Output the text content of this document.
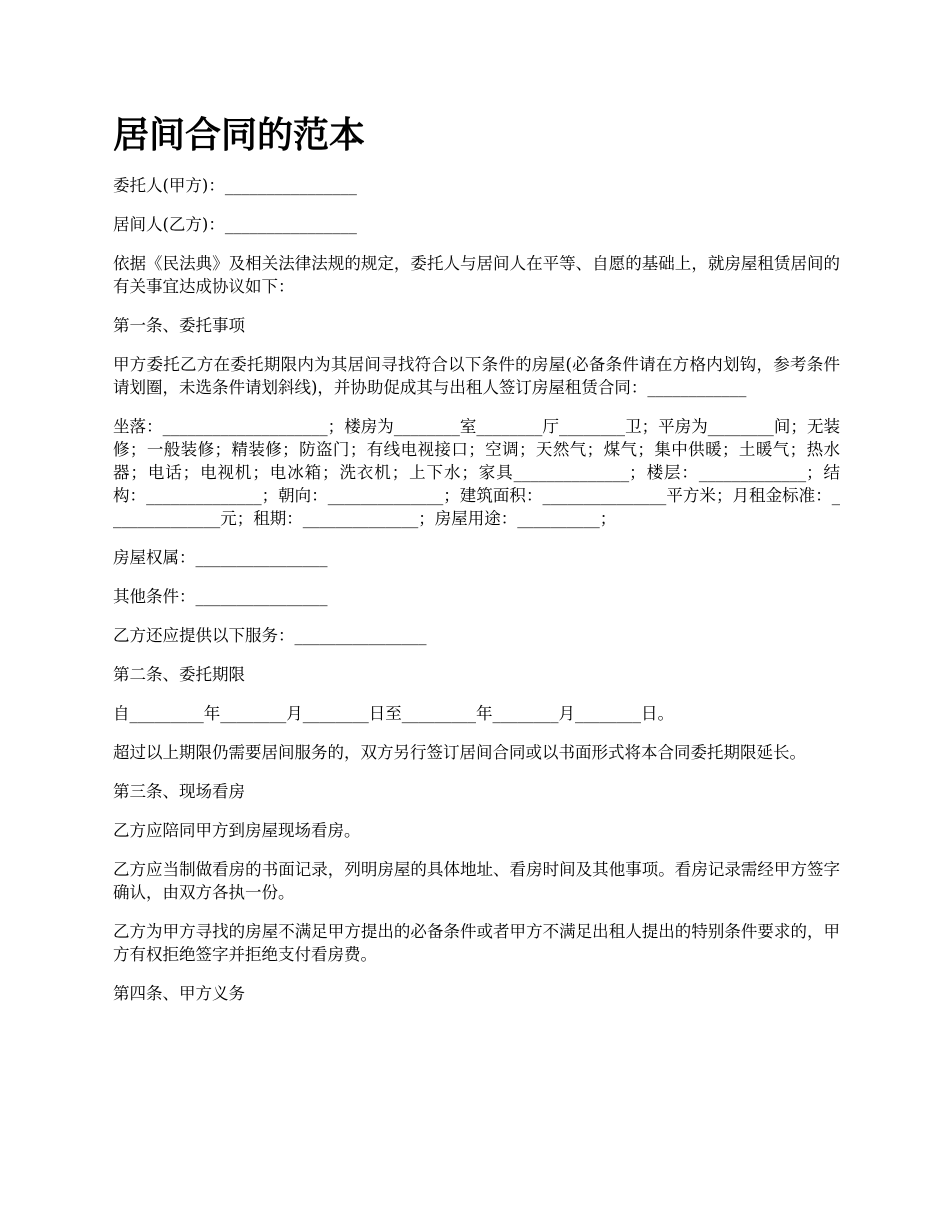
居间合同的范本

委托人(甲方)：________________

居间人(乙方)：________________

依据《民法典》及相关法律法规的规定，委托人与居间人在平等、自愿的基础上，就房屋租赁居间的有关事宜达成协议如下：

第一条、委托事项

甲方委托乙方在委托期限内为其居间寻找符合以下条件的房屋(必备条件请在方格内划钩，参考条件请划圈，未选条件请划斜线)，并协助促成其与出租人签订房屋租赁合同：____________

坐落：____________________；楼房为________室________厅________卫；平房为________间；无装修；一般装修；精装修；防盗门；有线电视接口；空调；天然气；煤气；集中供暖；土暖气；热水器；电话；电视机；电冰箱；洗衣机；上下水；家具______________；楼层：_____________；结构：______________；朝向：______________；建筑面积：_______________平方米；月租金标准：______________元；租期：______________；房屋用途：__________；

房屋权属：________________

其他条件：________________

乙方还应提供以下服务：________________

第二条、委托期限

自_________年________月________日至_________年________月________日。

超过以上期限仍需要居间服务的，双方另行签订居间合同或以书面形式将本合同委托期限延长。

第三条、现场看房

乙方应陪同甲方到房屋现场看房。

乙方应当制做看房的书面记录，列明房屋的具体地址、看房时间及其他事项。看房记录需经甲方签字确认，由双方各执一份。

乙方为甲方寻找的房屋不满足甲方提出的必备条件或者甲方不满足出租人提出的特别条件要求的，甲方有权拒绝签字并拒绝支付看房费。

第四条、甲方义务
